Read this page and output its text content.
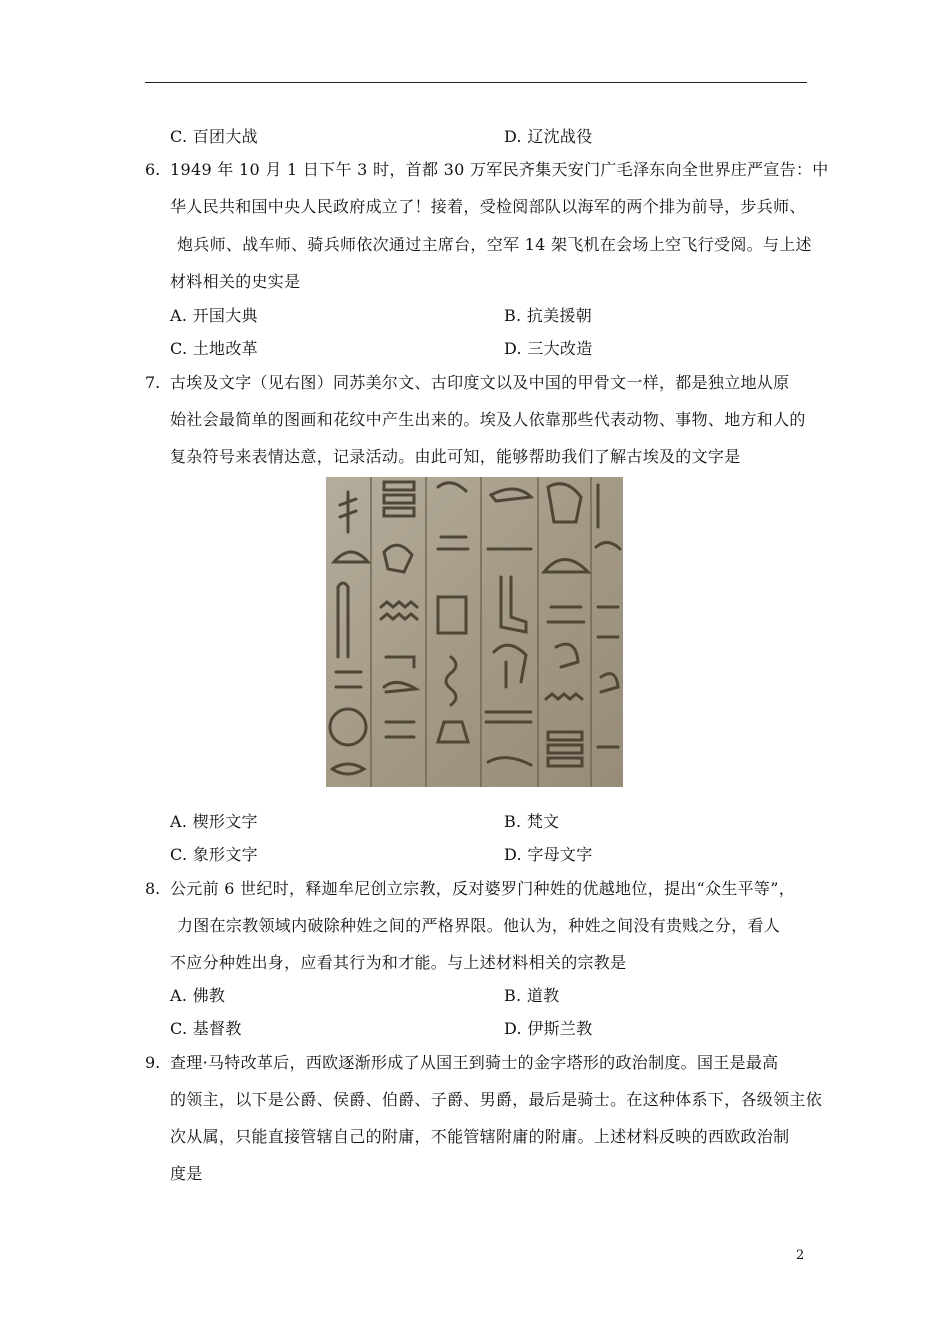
C. 百团大战	D. 辽沈战役
6. 1949 年 10 月 1 日下午 3 时，首都 30 万军民齐集天安门广毛泽东向全世界庄严宣告：中
华人民共和国中央人民政府成立了！接着，受检阅部队以海军的两个排为前导，步兵师、
炮兵师、战车师、骑兵师依次通过主席台，空军 14 架飞机在会场上空飞行受阅。与上述
材料相关的史实是
A. 开国大典	B. 抗美援朝
C. 土地改革	D. 三大改造
7. 古埃及文字（见右图）同苏美尔文、古印度文以及中国的甲骨文一样，都是独立地从原
始社会最简单的图画和花纹中产生出来的。埃及人依靠那些代表动物、事物、地方和人的
复杂符号来表情达意，记录活动。由此可知，能够帮助我们了解古埃及的文字是
A. 楔形文字	B. 梵文
C. 象形文字	D. 字母文字
8. 公元前 6 世纪时，释迦牟尼创立宗教，反对婆罗门种姓的优越地位，提出“众生平等”，
力图在宗教领域内破除种姓之间的严格界限。他认为，种姓之间没有贵贱之分，看人
不应分种姓出身，应看其行为和才能。与上述材料相关的宗教是
A. 佛教	B. 道教
C. 基督教	D. 伊斯兰教
9. 查理·马特改革后，西欧逐渐形成了从国王到骑士的金字塔形的政治制度。国王是最高
的领主，以下是公爵、侯爵、伯爵、子爵、男爵，最后是骑士。在这种体系下，各级领主依
次从属，只能直接管辖自己的附庸，不能管辖附庸的附庸。上述材料反映的西欧政治制
度是
2
